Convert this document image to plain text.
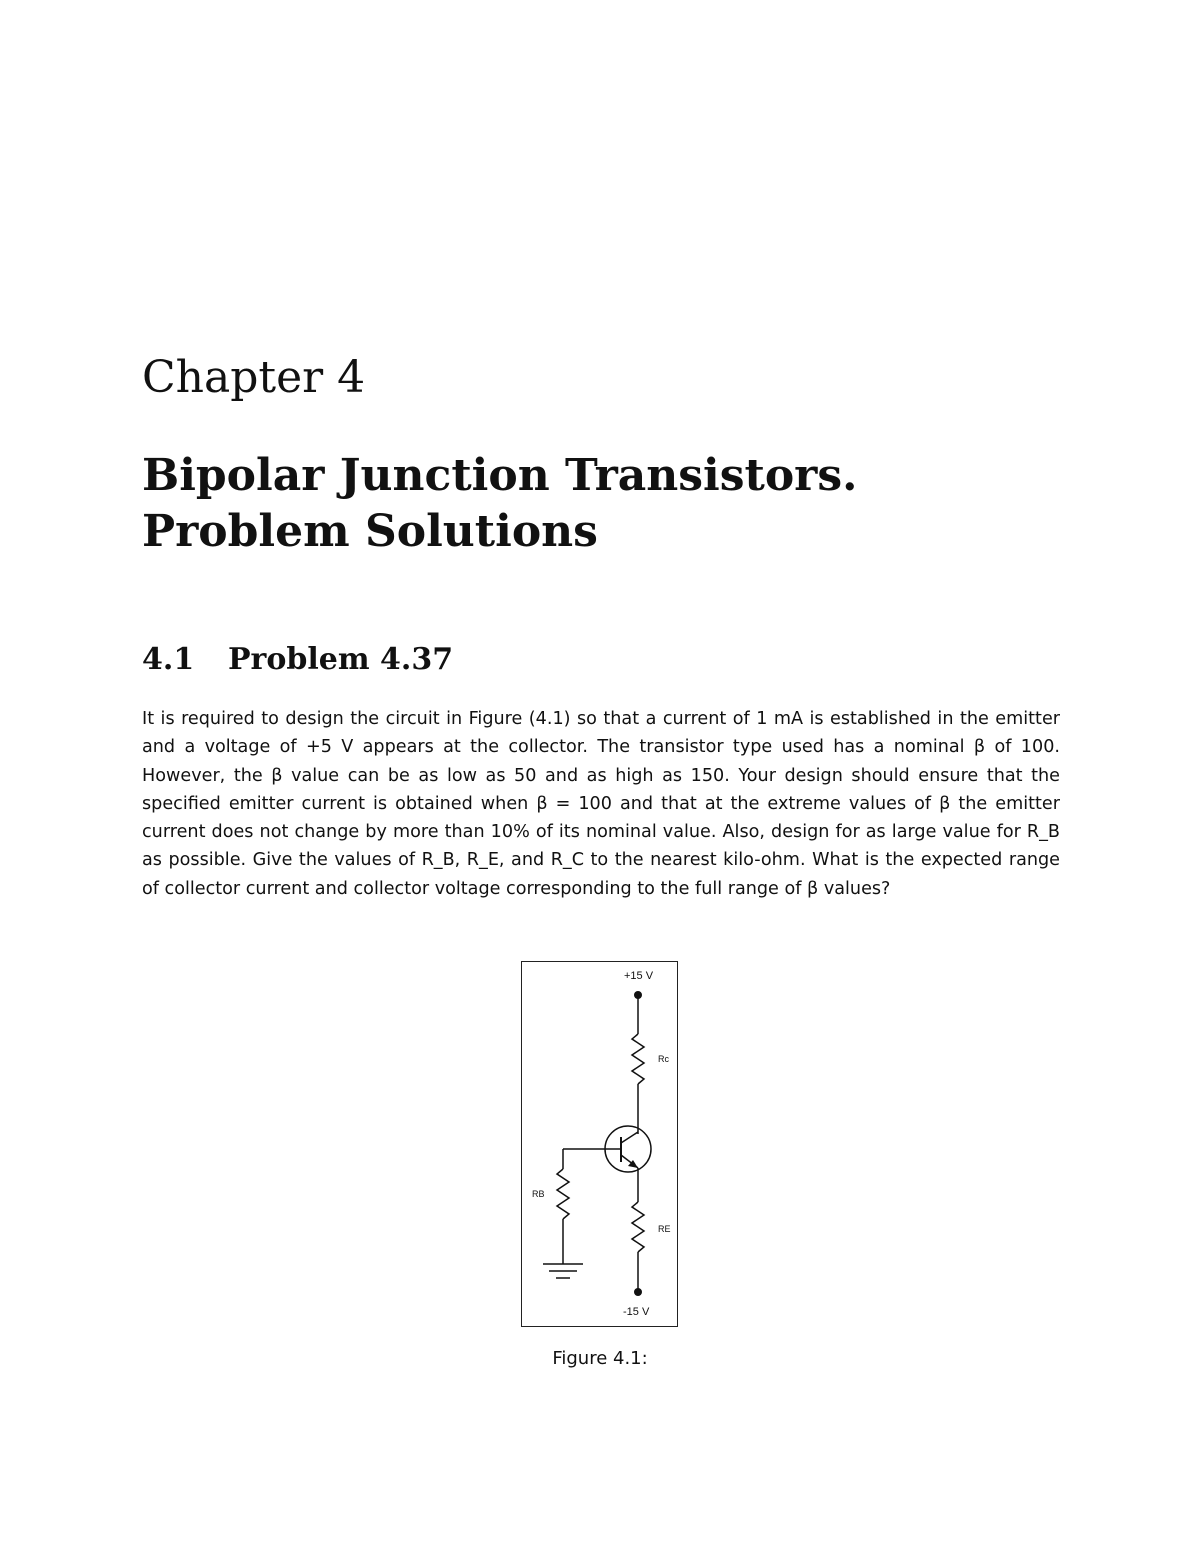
Chapter 4
Bipolar Junction Transistors.
Problem Solutions
4.1 Problem 4.37

It is required to design the circuit in Figure (4.1) so that a current of 1 mA is established in the emitter and a voltage of +5 V appears at the collector. The transistor type used has a nominal β of 100. However, the β value can be as low as 50 and as high as 150. Your design should ensure that the specified emitter current is obtained when β = 100 and that at the extreme values of β the emitter current does not change by more than 10% of its nominal value. Also, design for as large value for R_B as possible. Give the values of R_B, R_E, and R_C to the nearest kilo-ohm. What is the expected range of collector current and collector voltage corresponding to the full range of β values?

+15 V
Rc
RB
RE
-15 V

Figure 4.1:
